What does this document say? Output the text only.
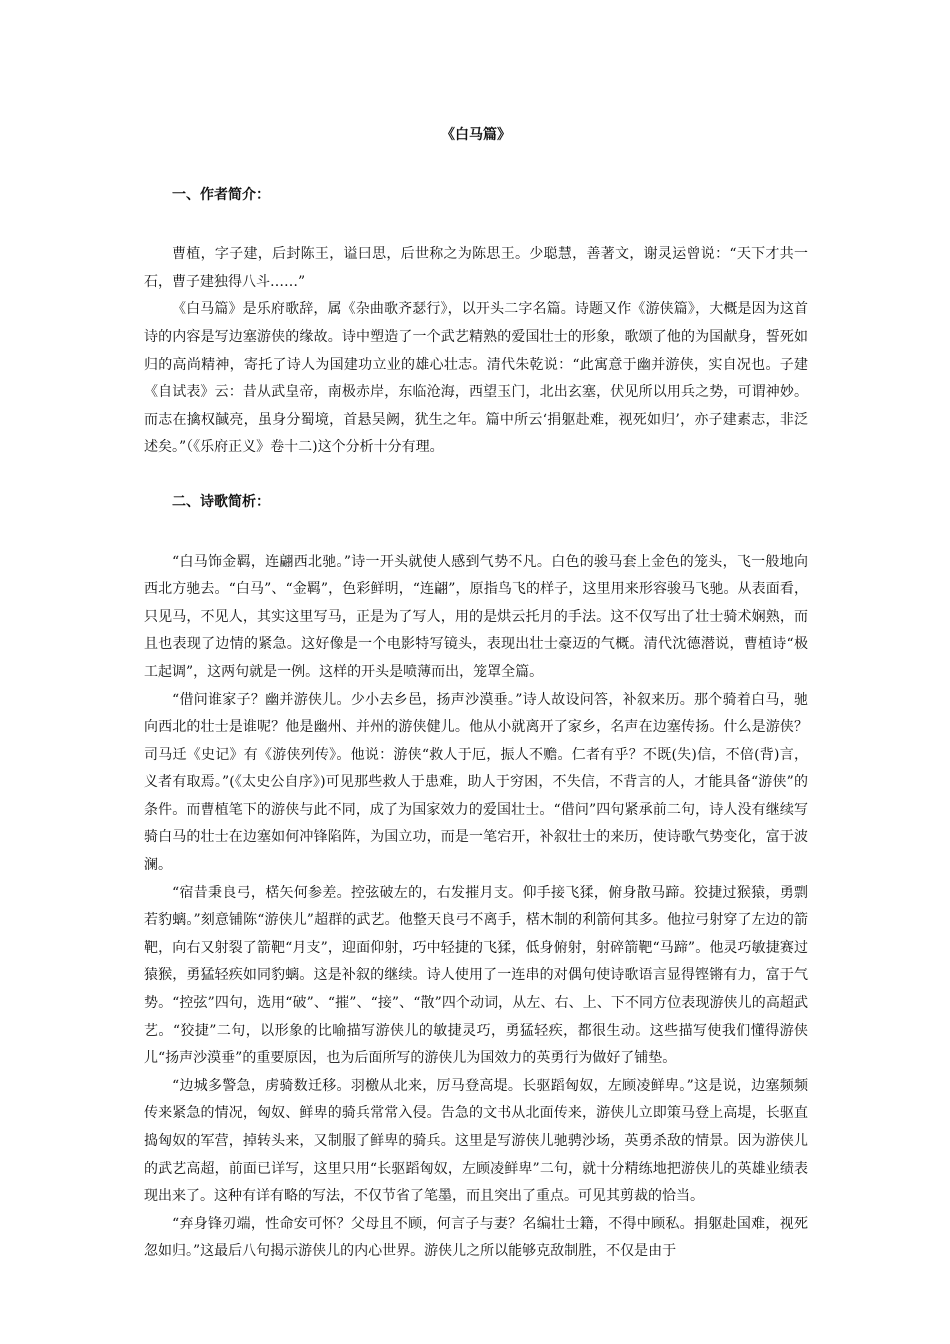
《白马篇》
一、作者简介：

曹植，字子建，后封陈王，谥曰思，后世称之为陈思王。少聪慧，善著文，谢灵运曾说：“天下才共一石，曹子建独得八斗……”

《白马篇》是乐府歌辞，属《杂曲歌齐瑟行》，以开头二字名篇。诗题又作《游侠篇》，大概是因为这首诗的内容是写边塞游侠的缘故。诗中塑造了一个武艺精熟的爱国壮士的形象，歌颂了他的为国献身，誓死如归的高尚精神，寄托了诗人为国建功立业的雄心壮志。清代朱乾说：“此寓意于幽并游侠，实自况也。子建《自试表》云：昔从武皇帝，南极赤岸，东临沧海，西望玉门，北出玄塞，伏见所以用兵之势，可谓神妙。而志在擒权馘亮，虽身分蜀境，首悬吴阙，犹生之年。篇中所云‘捐躯赴难，视死如归’，亦子建素志，非泛述矣。”（《乐府正义》卷十二)这个分析十分有理。

二、诗歌简析：

“白马饰金羁，连翩西北驰。”诗一开头就使人感到气势不凡。白色的骏马套上金色的笼头，飞一般地向西北方驰去。“白马”、“金羁”，色彩鲜明，“连翩”，原指鸟飞的样子，这里用来形容骏马飞驰。从表面看，只见马，不见人，其实这里写马，正是为了写人，用的是烘云托月的手法。这不仅写出了壮士骑术娴熟，而且也表现了边情的紧急。这好像是一个电影特写镜头，表现出壮士豪迈的气概。清代沈德潜说，曹植诗“极工起调”，这两句就是一例。这样的开头是喷薄而出，笼罩全篇。

“借问谁家子？幽并游侠儿。少小去乡邑，扬声沙漠垂。”诗人故设问答，补叙来历。那个骑着白马，驰向西北的壮士是谁呢？他是幽州、并州的游侠健儿。他从小就离开了家乡，名声在边塞传扬。什么是游侠？司马迁《史记》有《游侠列传》。他说：游侠“救人于厄，振人不赡。仁者有乎？不既(失)信，不倍(背)言，义者有取焉。”(《太史公自序》)可见那些救人于患难，助人于穷困，不失信，不背言的人，才能具备“游侠”的条件。而曹植笔下的游侠与此不同，成了为国家效力的爱国壮士。“借问”四句紧承前二句，诗人没有继续写骑白马的壮士在边塞如何冲锋陷阵，为国立功，而是一笔宕开，补叙壮士的来历，使诗歌气势变化，富于波澜。

“宿昔秉良弓，楛矢何参差。控弦破左的，右发摧月支。仰手接飞猱，俯身散马蹄。狡捷过猴猿，勇剽若豹螭。”刻意铺陈“游侠儿”超群的武艺。他整天良弓不离手，楛木制的利箭何其多。他拉弓射穿了左边的箭靶，向右又射裂了箭靶“月支”，迎面仰射，巧中轻捷的飞猱，低身俯射，射碎箭靶“马蹄”。他灵巧敏捷赛过猿猴，勇猛轻疾如同豹螭。这是补叙的继续。诗人使用了一连串的对偶句使诗歌语言显得铿锵有力，富于气势。“控弦”四句，选用“破”、“摧”、“接”、“散”四个动词，从左、右、上、下不同方位表现游侠儿的高超武艺。“狡捷”二句，以形象的比喻描写游侠儿的敏捷灵巧，勇猛轻疾，都很生动。这些描写使我们懂得游侠儿“扬声沙漠垂”的重要原因，也为后面所写的游侠儿为国效力的英勇行为做好了铺垫。

“边城多警急，虏骑数迁移。羽檄从北来，厉马登高堤。长驱蹈匈奴，左顾凌鲜卑。”这是说，边塞频频传来紧急的情况，匈奴、鲜卑的骑兵常常入侵。告急的文书从北面传来，游侠儿立即策马登上高堤，长驱直捣匈奴的军营，掉转头来，又制服了鲜卑的骑兵。这里是写游侠儿驰骋沙场，英勇杀敌的情景。因为游侠儿的武艺高超，前面已详写，这里只用“长驱蹈匈奴，左顾凌鲜卑”二句，就十分精练地把游侠儿的英雄业绩表现出来了。这种有详有略的写法，不仅节省了笔墨，而且突出了重点。可见其剪裁的恰当。

“弃身锋刃端，性命安可怀？父母且不顾，何言子与妻？名编壮士籍，不得中顾私。捐躯赴国难，视死忽如归。”这最后八句揭示游侠儿的内心世界。游侠儿之所以能够克敌制胜，不仅是由于
